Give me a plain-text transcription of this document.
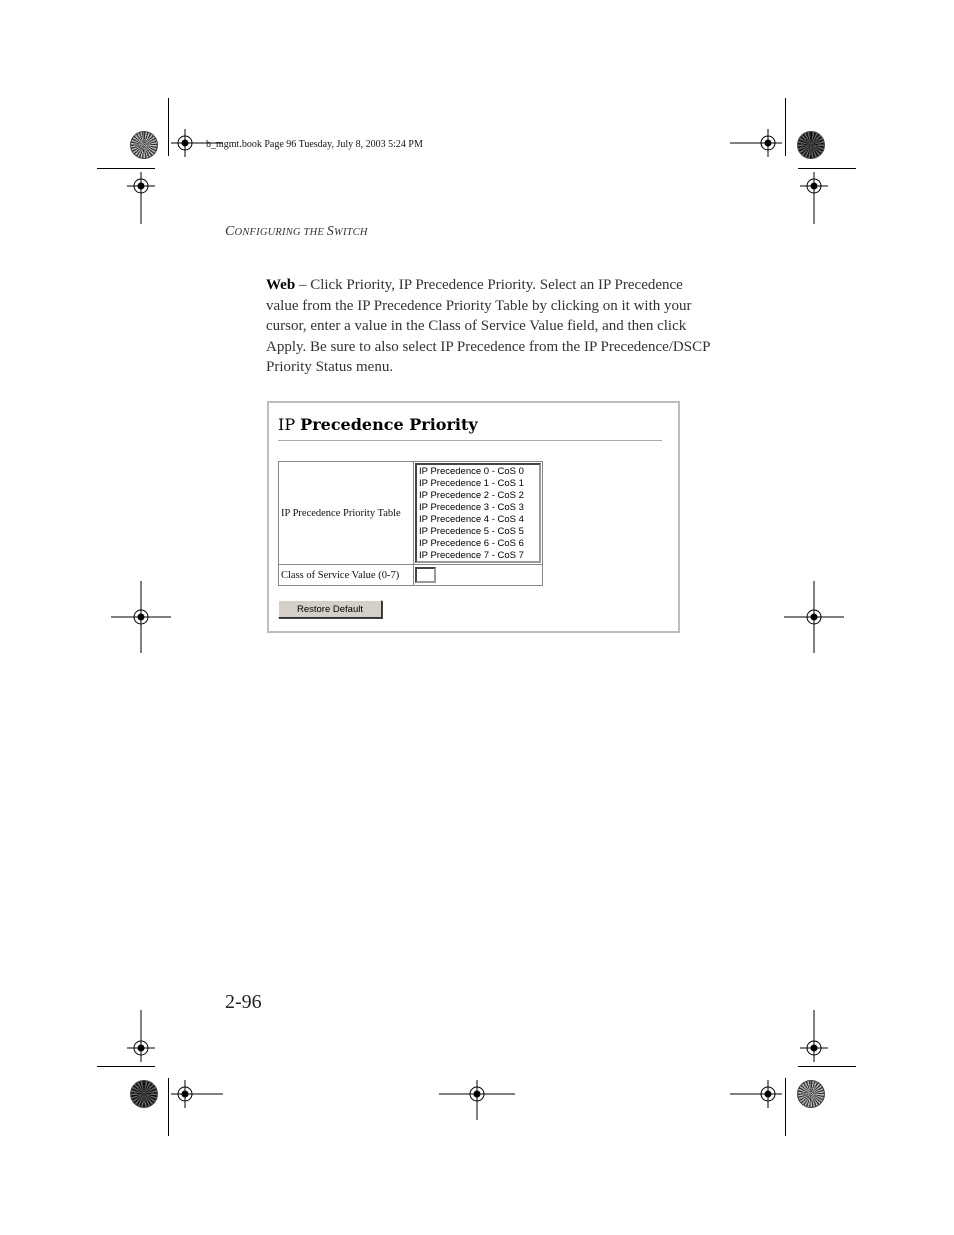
b_mgmt.book Page 96 Tuesday, July 8, 2003 5:24 PM
CONFIGURING THE SWITCH
Web – Click Priority, IP Precedence Priority. Select an IP Precedence value from the IP Precedence Priority Table by clicking on it with your cursor, enter a value in the Class of Service Value field, and then click Apply. Be sure to also select IP Precedence from the IP Precedence/DSCP Priority Status menu.
IP Precedence Priority
IP Precedence Priority Table
IP Precedence 0 - CoS 0
IP Precedence 1 - CoS 1
IP Precedence 2 - CoS 2
IP Precedence 3 - CoS 3
IP Precedence 4 - CoS 4
IP Precedence 5 - CoS 5
IP Precedence 6 - CoS 6
IP Precedence 7 - CoS 7
Class of Service Value (0-7)
Restore Default
2-96
